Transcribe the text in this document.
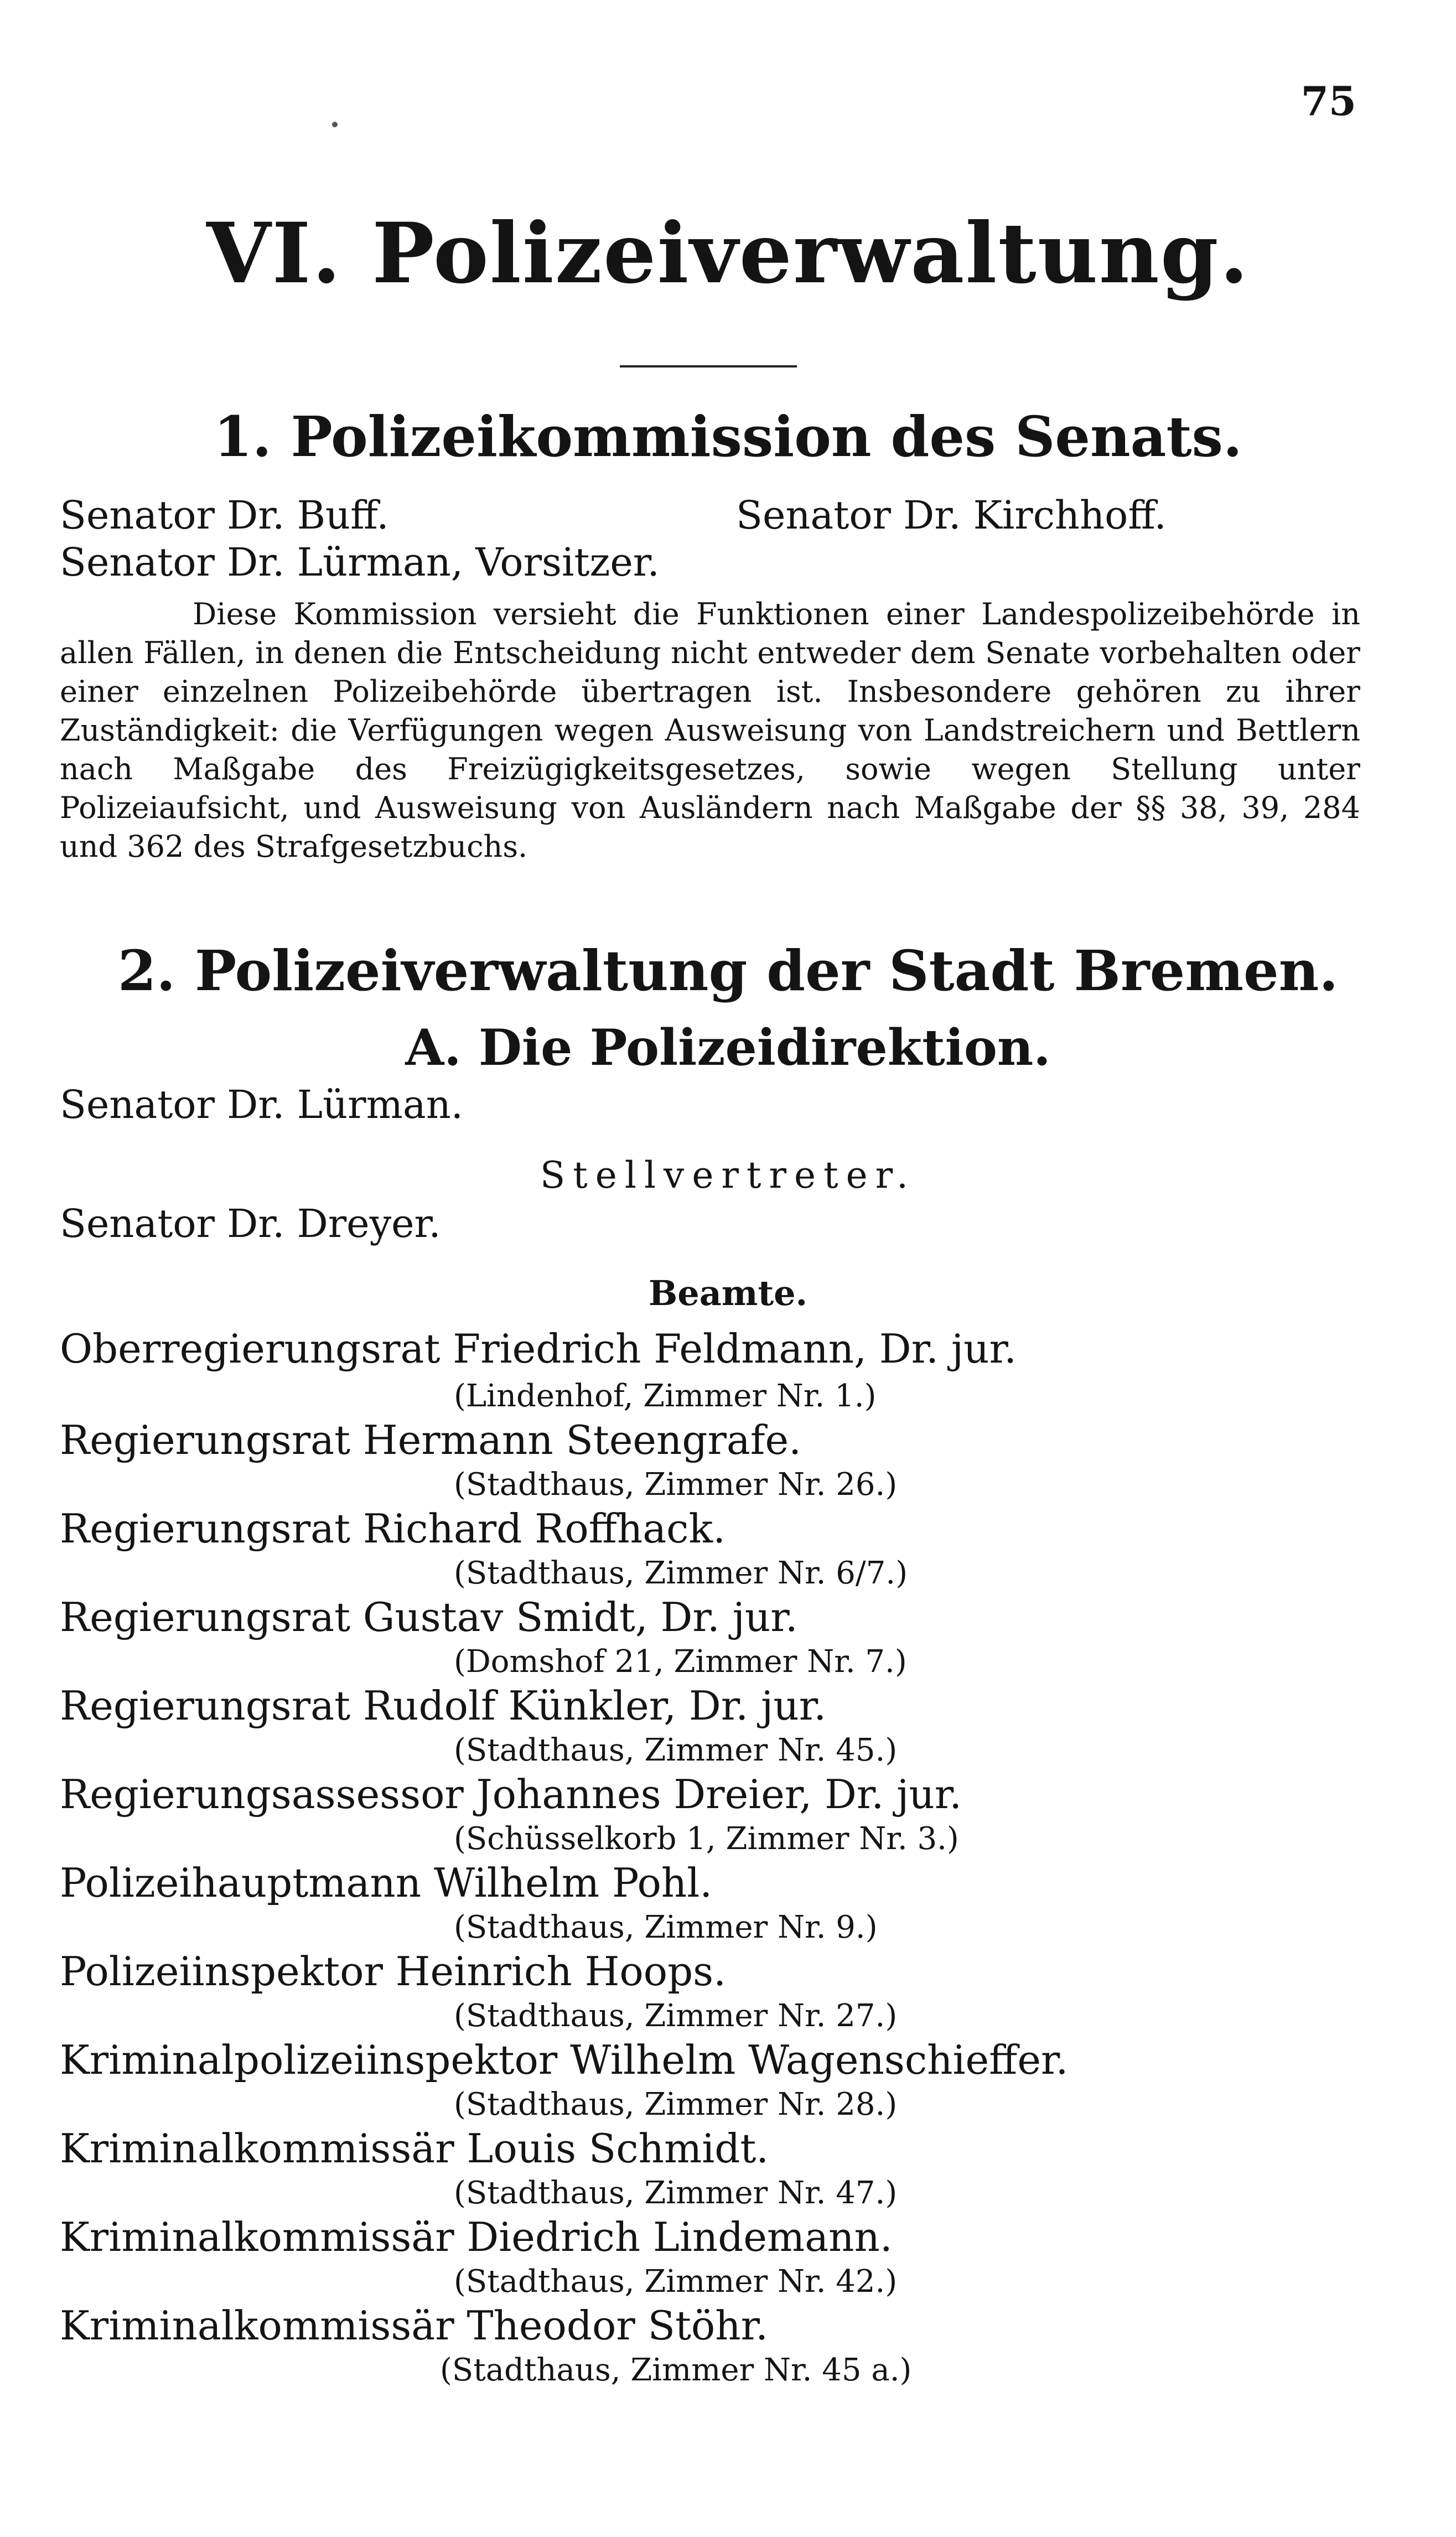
75
VI. Polizeiverwaltung.
1. Polizeikommission des Senats.
Senator Dr. Buff.	Senator Dr. Kirchhoff.
Senator Dr. Lürman, Vorsitzer.
Diese Kommission versieht die Funktionen einer Landespolizeibehörde in allen Fällen, in denen die Entscheidung nicht entweder dem Senate vorbehalten oder einer einzelnen Polizeibehörde übertragen ist. Insbesondere gehören zu ihrer Zuständigkeit: die Verfügungen wegen Ausweisung von Landstreichern und Bettlern nach Maßgabe des Freizügigkeitsgesetzes, sowie wegen Stellung unter Polizeiaufsicht, und Ausweisung von Ausländern nach Maßgabe der §§ 38, 39, 284 und 362 des Strafgesetzbuchs.
2. Polizeiverwaltung der Stadt Bremen.
A. Die Polizeidirektion.
Senator Dr. Lürman.
Stellvertreter.
Senator Dr. Dreyer.
Beamte.
Oberregierungsrat Friedrich Feldmann, Dr. jur.
(Lindenhof, Zimmer Nr. 1.)
Regierungsrat Hermann Steengrafe.
(Stadthaus, Zimmer Nr. 26.)
Regierungsrat Richard Roffhack.
(Stadthaus, Zimmer Nr. 6/7.)
Regierungsrat Gustav Smidt, Dr. jur.
(Domshof 21, Zimmer Nr. 7.)
Regierungsrat Rudolf Künkler, Dr. jur.
(Stadthaus, Zimmer Nr. 45.)
Regierungsassessor Johannes Dreier, Dr. jur.
(Schüsselkorb 1, Zimmer Nr. 3.)
Polizeihauptmann Wilhelm Pohl.
(Stadthaus, Zimmer Nr. 9.)
Polizeiinspektor Heinrich Hoops.
(Stadthaus, Zimmer Nr. 27.)
Kriminalpolizeiinspektor Wilhelm Wagenschieffer.
(Stadthaus, Zimmer Nr. 28.)
Kriminalkommissär Louis Schmidt.
(Stadthaus, Zimmer Nr. 47.)
Kriminalkommissär Diedrich Lindemann.
(Stadthaus, Zimmer Nr. 42.)
Kriminalkommissär Theodor Stöhr.
(Stadthaus, Zimmer Nr. 45 a.)
